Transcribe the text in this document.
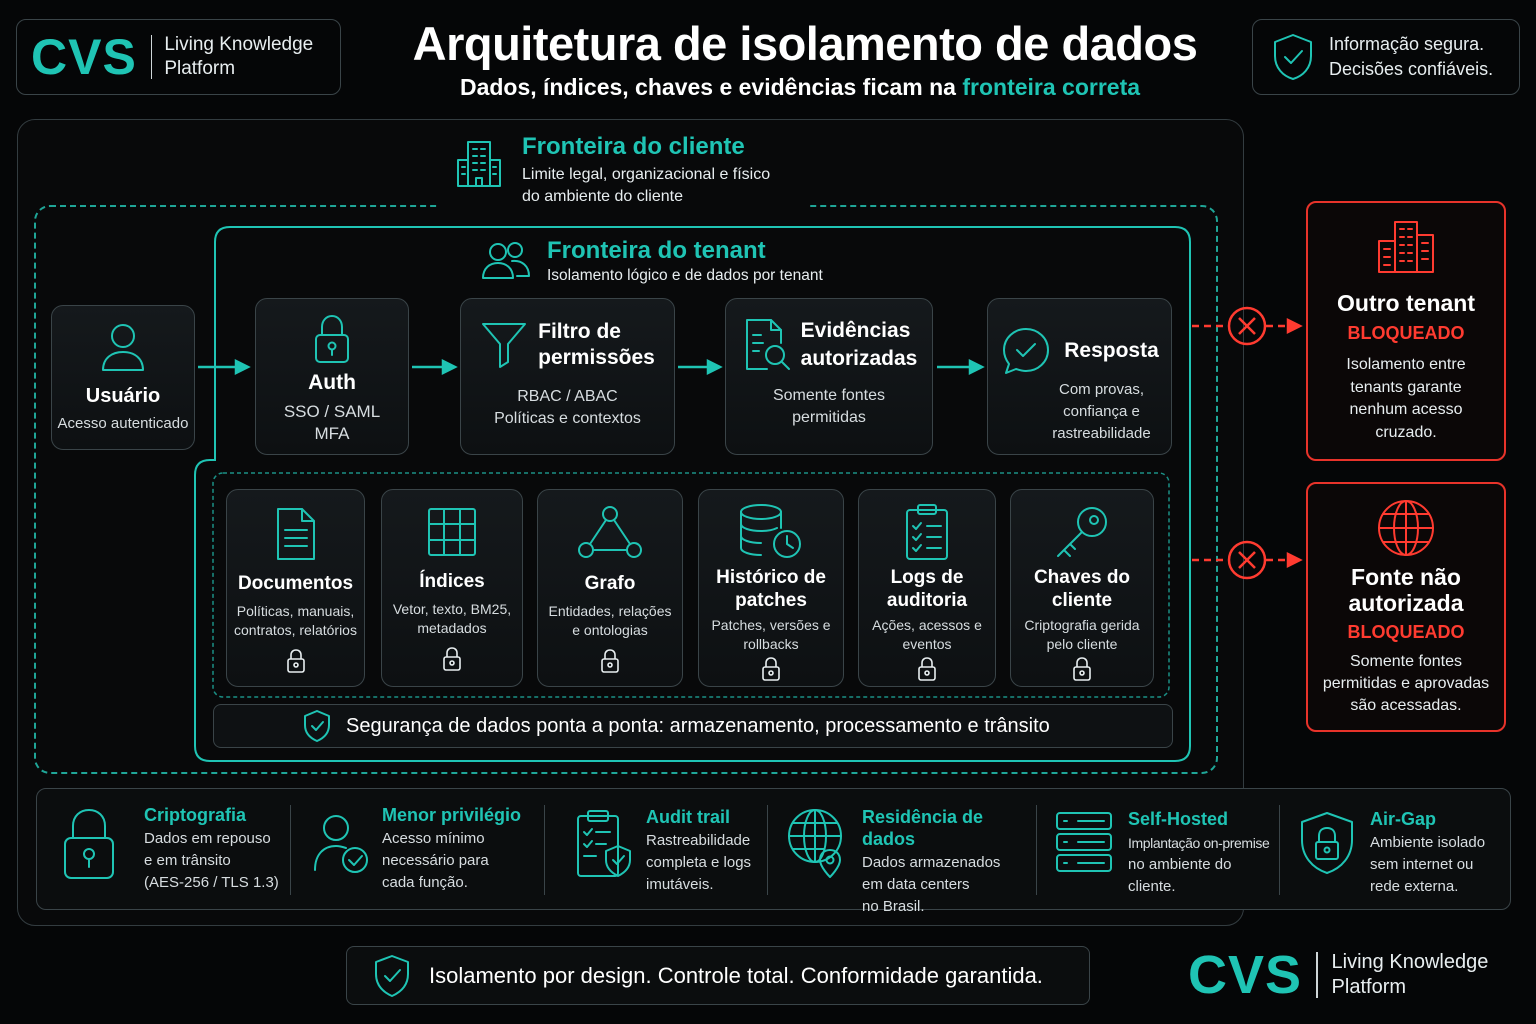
CVS Living Knowledge
Platform	Arquitetura de isolamento de dados
Dados, índices, chaves e evidências ficam na fronteira correta
Informação segura.
Decisões confiáveis.
Fronteira do cliente
Limite legal, organizacional e físico
do ambiente do cliente
Fronteira do tenant
Isolamento lógico e de dados por tenant
Usuário
Acesso autenticado
Auth
SSO / SAML
MFA
Filtro de
permissões
RBAC / ABAC
Políticas e contextos
Evidências
autorizadas
Somente fontes
permitidas
Resposta
Com provas,
confiança e
rastreabilidade
Documentos
Políticas, manuais,
contratos, relatórios
Índices
Vetor, texto, BM25,
metadados
Grafo
Entidades, relações
e ontologias
Histórico de
patches
Patches, versões e
rollbacks
Logs de
auditoria
Ações, acessos e
eventos
Chaves do
cliente
Criptografia gerida
pelo cliente
Segurança de dados ponta a ponta: armazenamento, processamento e trânsito
Outro tenant
BLOQUEADO
Isolamento entre
tenants garante
nenhum acesso
cruzado.
Fonte não
autorizada
BLOQUEADO
Somente fontes
permitidas e aprovadas
são acessadas.
Criptografia
Dados em repouso
e em trânsito
(AES-256 / TLS 1.3)
Menor privilégio
Acesso mínimo
necessário para
cada função.
Audit trail
Rastreabilidade
completa e logs
imutáveis.
Residência de dados
Dados armazenados
em data centers
no Brasil.
Self-Hosted
Implantação on-premise
no ambiente do
cliente.
Air-Gap
Ambiente isolado
sem internet ou
rede externa.
Isolamento por design. Controle total. Conformidade garantida.	CVS Living Knowledge
Platform
